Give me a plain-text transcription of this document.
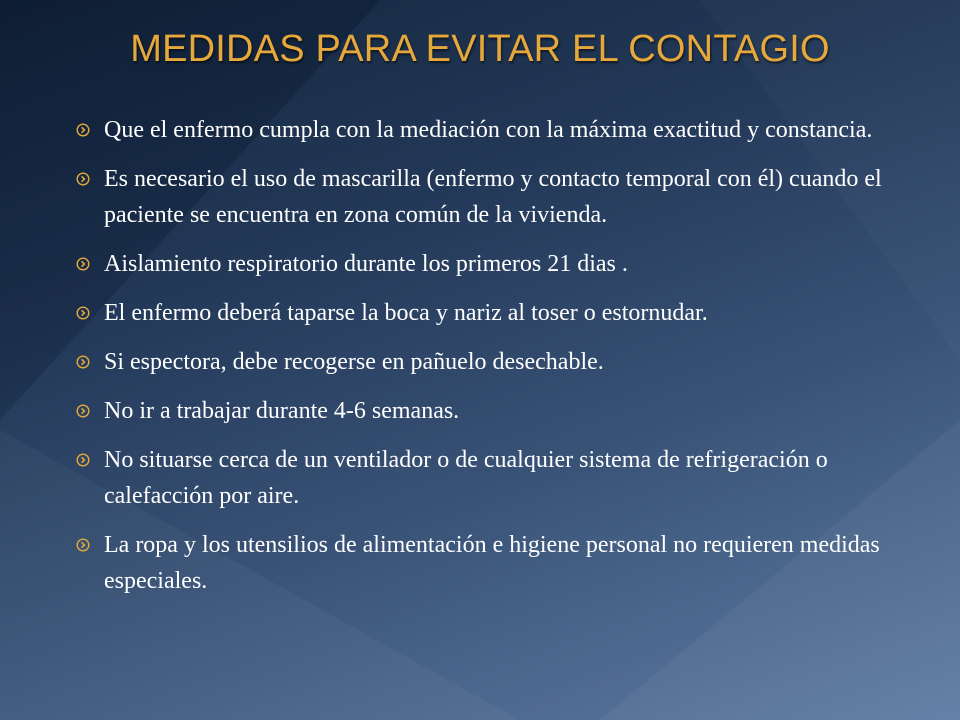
MEDIDAS PARA EVITAR EL CONTAGIO
Que el enfermo cumpla con la mediación con la máxima exactitud y constancia.
Es necesario el uso de mascarilla (enfermo y contacto temporal con él) cuando el paciente se encuentra en zona común de la vivienda.
Aislamiento respiratorio durante los primeros 21 dias .
El enfermo deberá taparse la boca y nariz al toser o estornudar.
Si espectora, debe recogerse en pañuelo desechable.
No ir a trabajar durante 4-6 semanas.
No situarse cerca de un ventilador o de cualquier sistema de refrigeración o calefacción por aire.
La ropa y los utensilios de alimentación e higiene personal no requieren medidas especiales.
